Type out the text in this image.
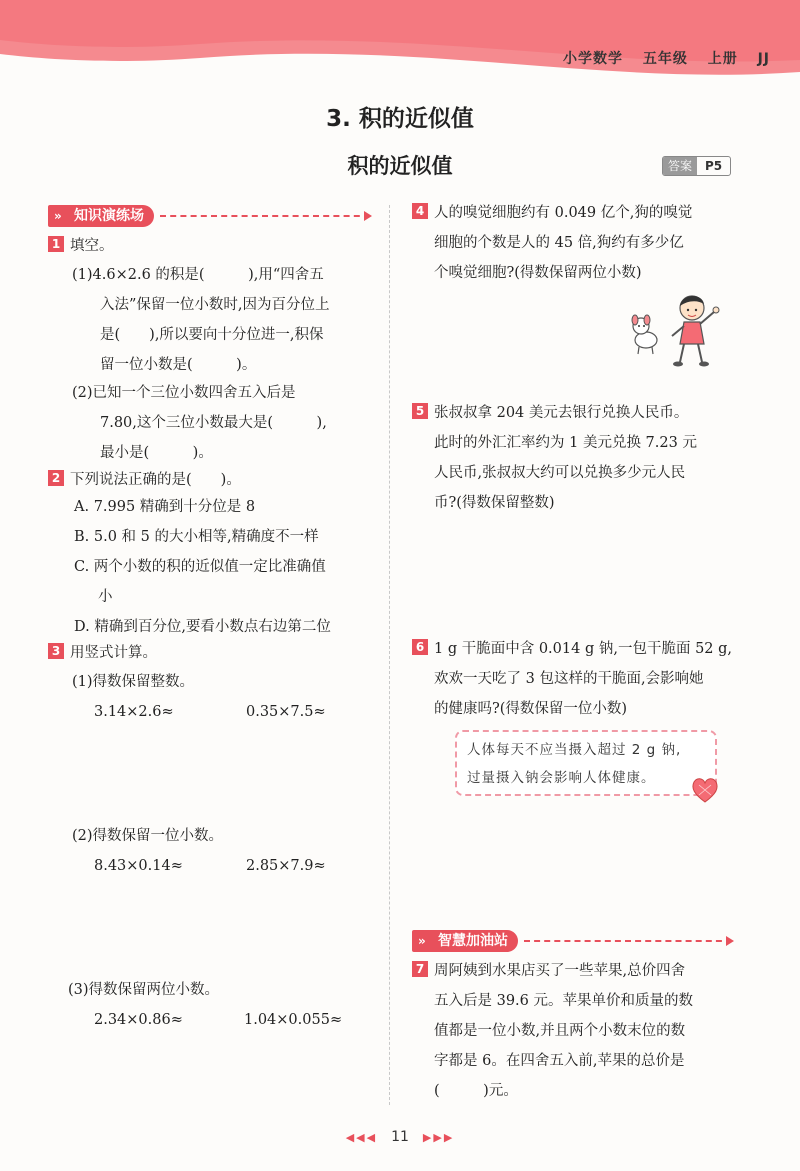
小学数学 五年级 上册 JJ
3. 积的近似值
积的近似值	答案	P5
» 知识演练场
1 填空。
(1)4.6×2.6 的积是(　　　),用“四舍五
入法”保留一位小数时,因为百分位上
是(　　),所以要向十分位进一,积保
留一位小数是(　　　)。
(2)已知一个三位小数四舍五入后是
7.80,这个三位小数最大是(　　　),
最小是(　　　)。
2 下列说法正确的是(　　)。
A. 7.995 精确到十分位是 8
B. 5.0 和 5 的大小相等,精确度不一样
C. 两个小数的积的近似值一定比准确值
小
D. 精确到百分位,要看小数点右边第二位
3 用竖式计算。
(1)得数保留整数。
3.14×2.6≈	0.35×7.5≈
(2)得数保留一位小数。
8.43×0.14≈	2.85×7.9≈
(3)得数保留两位小数。
2.34×0.86≈	1.04×0.055≈
4 人的嗅觉细胞约有 0.049 亿个,狗的嗅觉
细胞的个数是人的 45 倍,狗约有多少亿
个嗅觉细胞?(得数保留两位小数)
5 张叔叔拿 204 美元去银行兑换人民币。
此时的外汇汇率约为 1 美元兑换 7.23 元
人民币,张叔叔大约可以兑换多少元人民
币?(得数保留整数)
6 1 g 干脆面中含 0.014 g 钠,一包干脆面 52 g,
欢欢一天吃了 3 包这样的干脆面,会影响她
的健康吗?(得数保留一位小数)
人体每天不应当摄入超过 2 g 钠,
过量摄入钠会影响人体健康。
» 智慧加油站
7 周阿姨到水果店买了一些苹果,总价四舍
五入后是 39.6 元。苹果单价和质量的数
值都是一位小数,并且两个小数末位的数
字都是 6。在四舍五入前,苹果的总价是
(　　　)元。
◀◀◀ 11 ▶▶▶
